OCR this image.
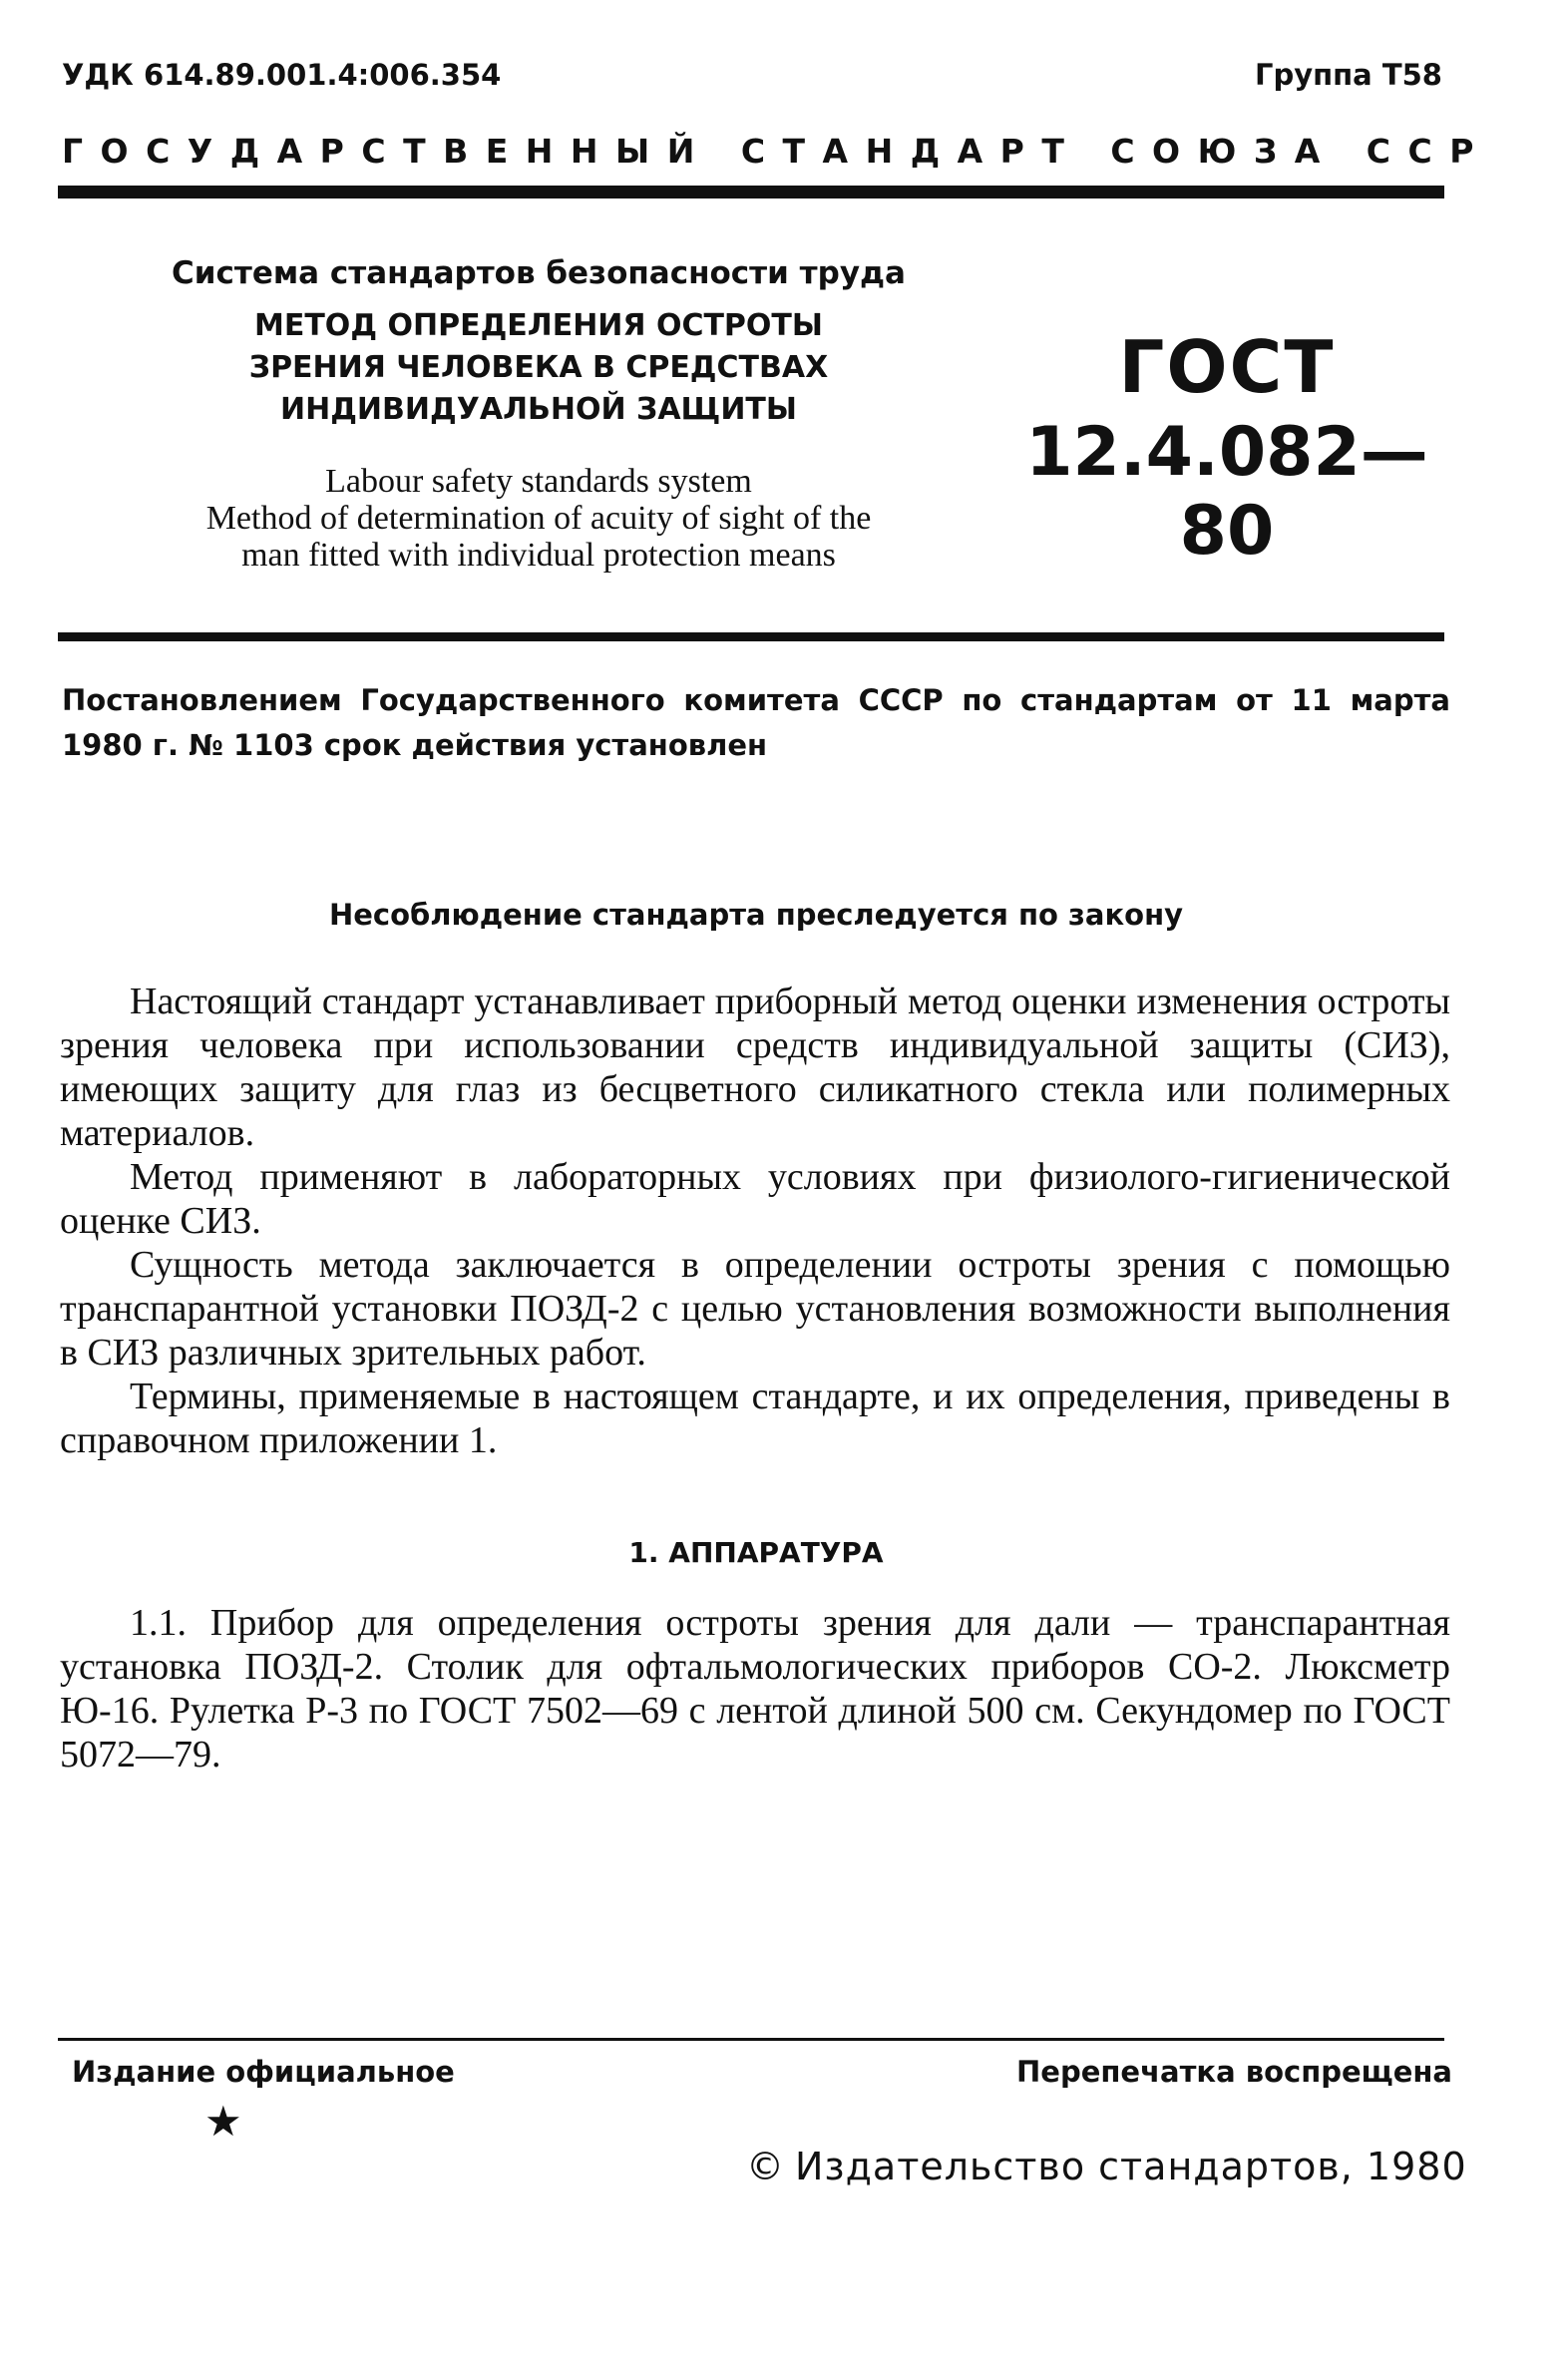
УДК 614.89.001.4:006.354	Группа Т58
ГОСУДАРСТВЕННЫЙ СТАНДАРТ СОЮЗА ССР
Система стандартов безопасности труда
МЕТОД ОПРЕДЕЛЕНИЯ ОСТРОТЫ
ЗРЕНИЯ ЧЕЛОВЕКА В СРЕДСТВАХ
ИНДИВИДУАЛЬНОЙ ЗАЩИТЫ
Labour safety standards system
Method of determination of acuity of sight of the
man fitted with individual protection means
ГОСТ
12.4.082—80
Постановлением Государственного комитета СССР по стандартам от 11 марта 1980 г. № 1103 срок действия установлен
Несоблюдение стандарта преследуется по закону

Настоящий стандарт устанавливает приборный метод оценки изменения остроты зрения человека при использовании средств индивидуальной защиты (СИЗ), имеющих защиту для глаз из бесцветного силикатного стекла или полимерных материалов.

Метод применяют в лабораторных условиях при физиолого-гигиенической оценке СИЗ.

Сущность метода заключается в определении остроты зрения с помощью транспарантной установки ПОЗД-2 с целью установления возможности выполнения в СИЗ различных зрительных работ.

Термины, применяемые в настоящем стандарте, и их определения, приведены в справочном приложении 1.

1. АППАРАТУРА

1.1. Прибор для определения остроты зрения для дали — транспарантная установка ПОЗД-2. Столик для офтальмологических приборов СО-2. Люксметр Ю-16. Рулетка Р-3 по ГОСТ 7502—69 с лентой длиной 500 см. Секундомер по ГОСТ 5072—79.

Издание официальное
★
Перепечатка воспрещена
© Издательство стандартов, 1980
